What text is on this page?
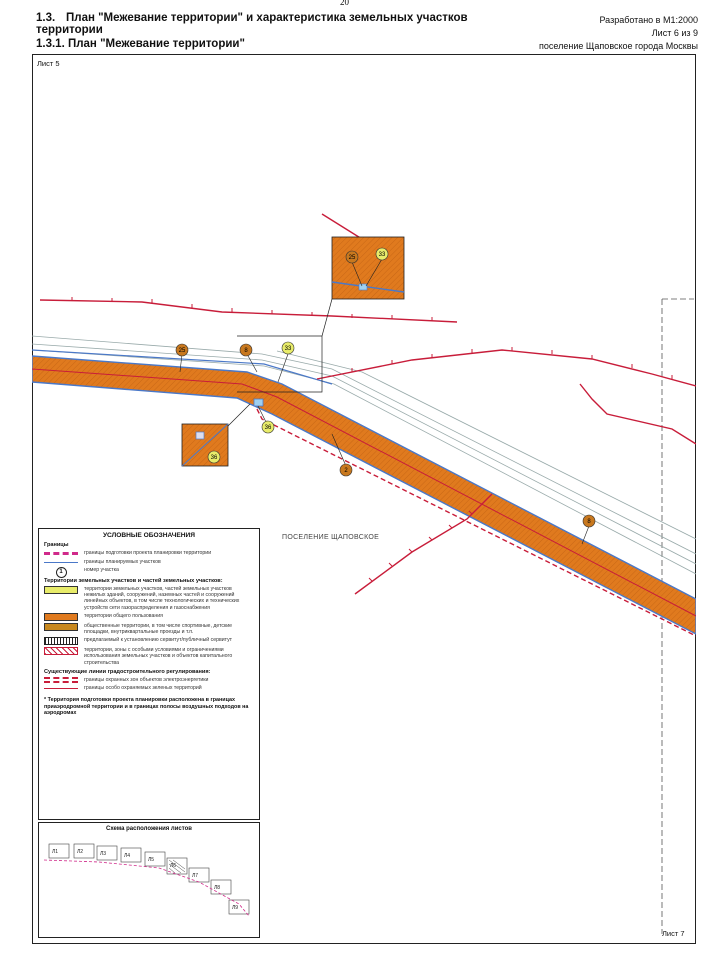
20
1.3. План "Межевание территории" и характеристика земельных участков
территории
1.3.1. План "Межевание территории"
Разработано в М1:2000
Лист 6 из 9
поселение Щаповское города Москвы
25	8	33
36
2
8
25	33
36
ПОСЕЛЕНИЕ ЩАПОВСКОЕ
Лист 5
Лист 7
УСЛОВНЫЕ ОБОЗНАЧЕНИЯ
Границы
границы подготовки проекта планировки территории
границы планируемых участков
1	номер участка
Территории земельных участков и частей земельных участков:
территории земельных участков, частей земельных участков нежилых зданий, сооружений, наземных частей и сооружений линейных объектов, в том числе технологических и технических устройств сети газораспределения и газоснабжения
территории общего пользования
общественные территории, в том числе спортивные, детские площадки, внутриквартальные проезды и т.п.
предлагаемый к установлению сервитут/публичный сервитут
территории, зоны с особыми условиями и ограничениями использования земельных участков и объектов капитального строительства
Существующие линии градостроительного регулирования:
границы охранных зон объектов электроэнергетики
границы особо охраняемых зеленых территорий
* Территория подготовки проекта планировки расположена в границах приаэродромной территории и в границах полосы воздушных подходов на аэродромах
Схема расположения листов
Л1	Л2	Л3	Л4
Л5
Л6
Л7
Л8
Л9
